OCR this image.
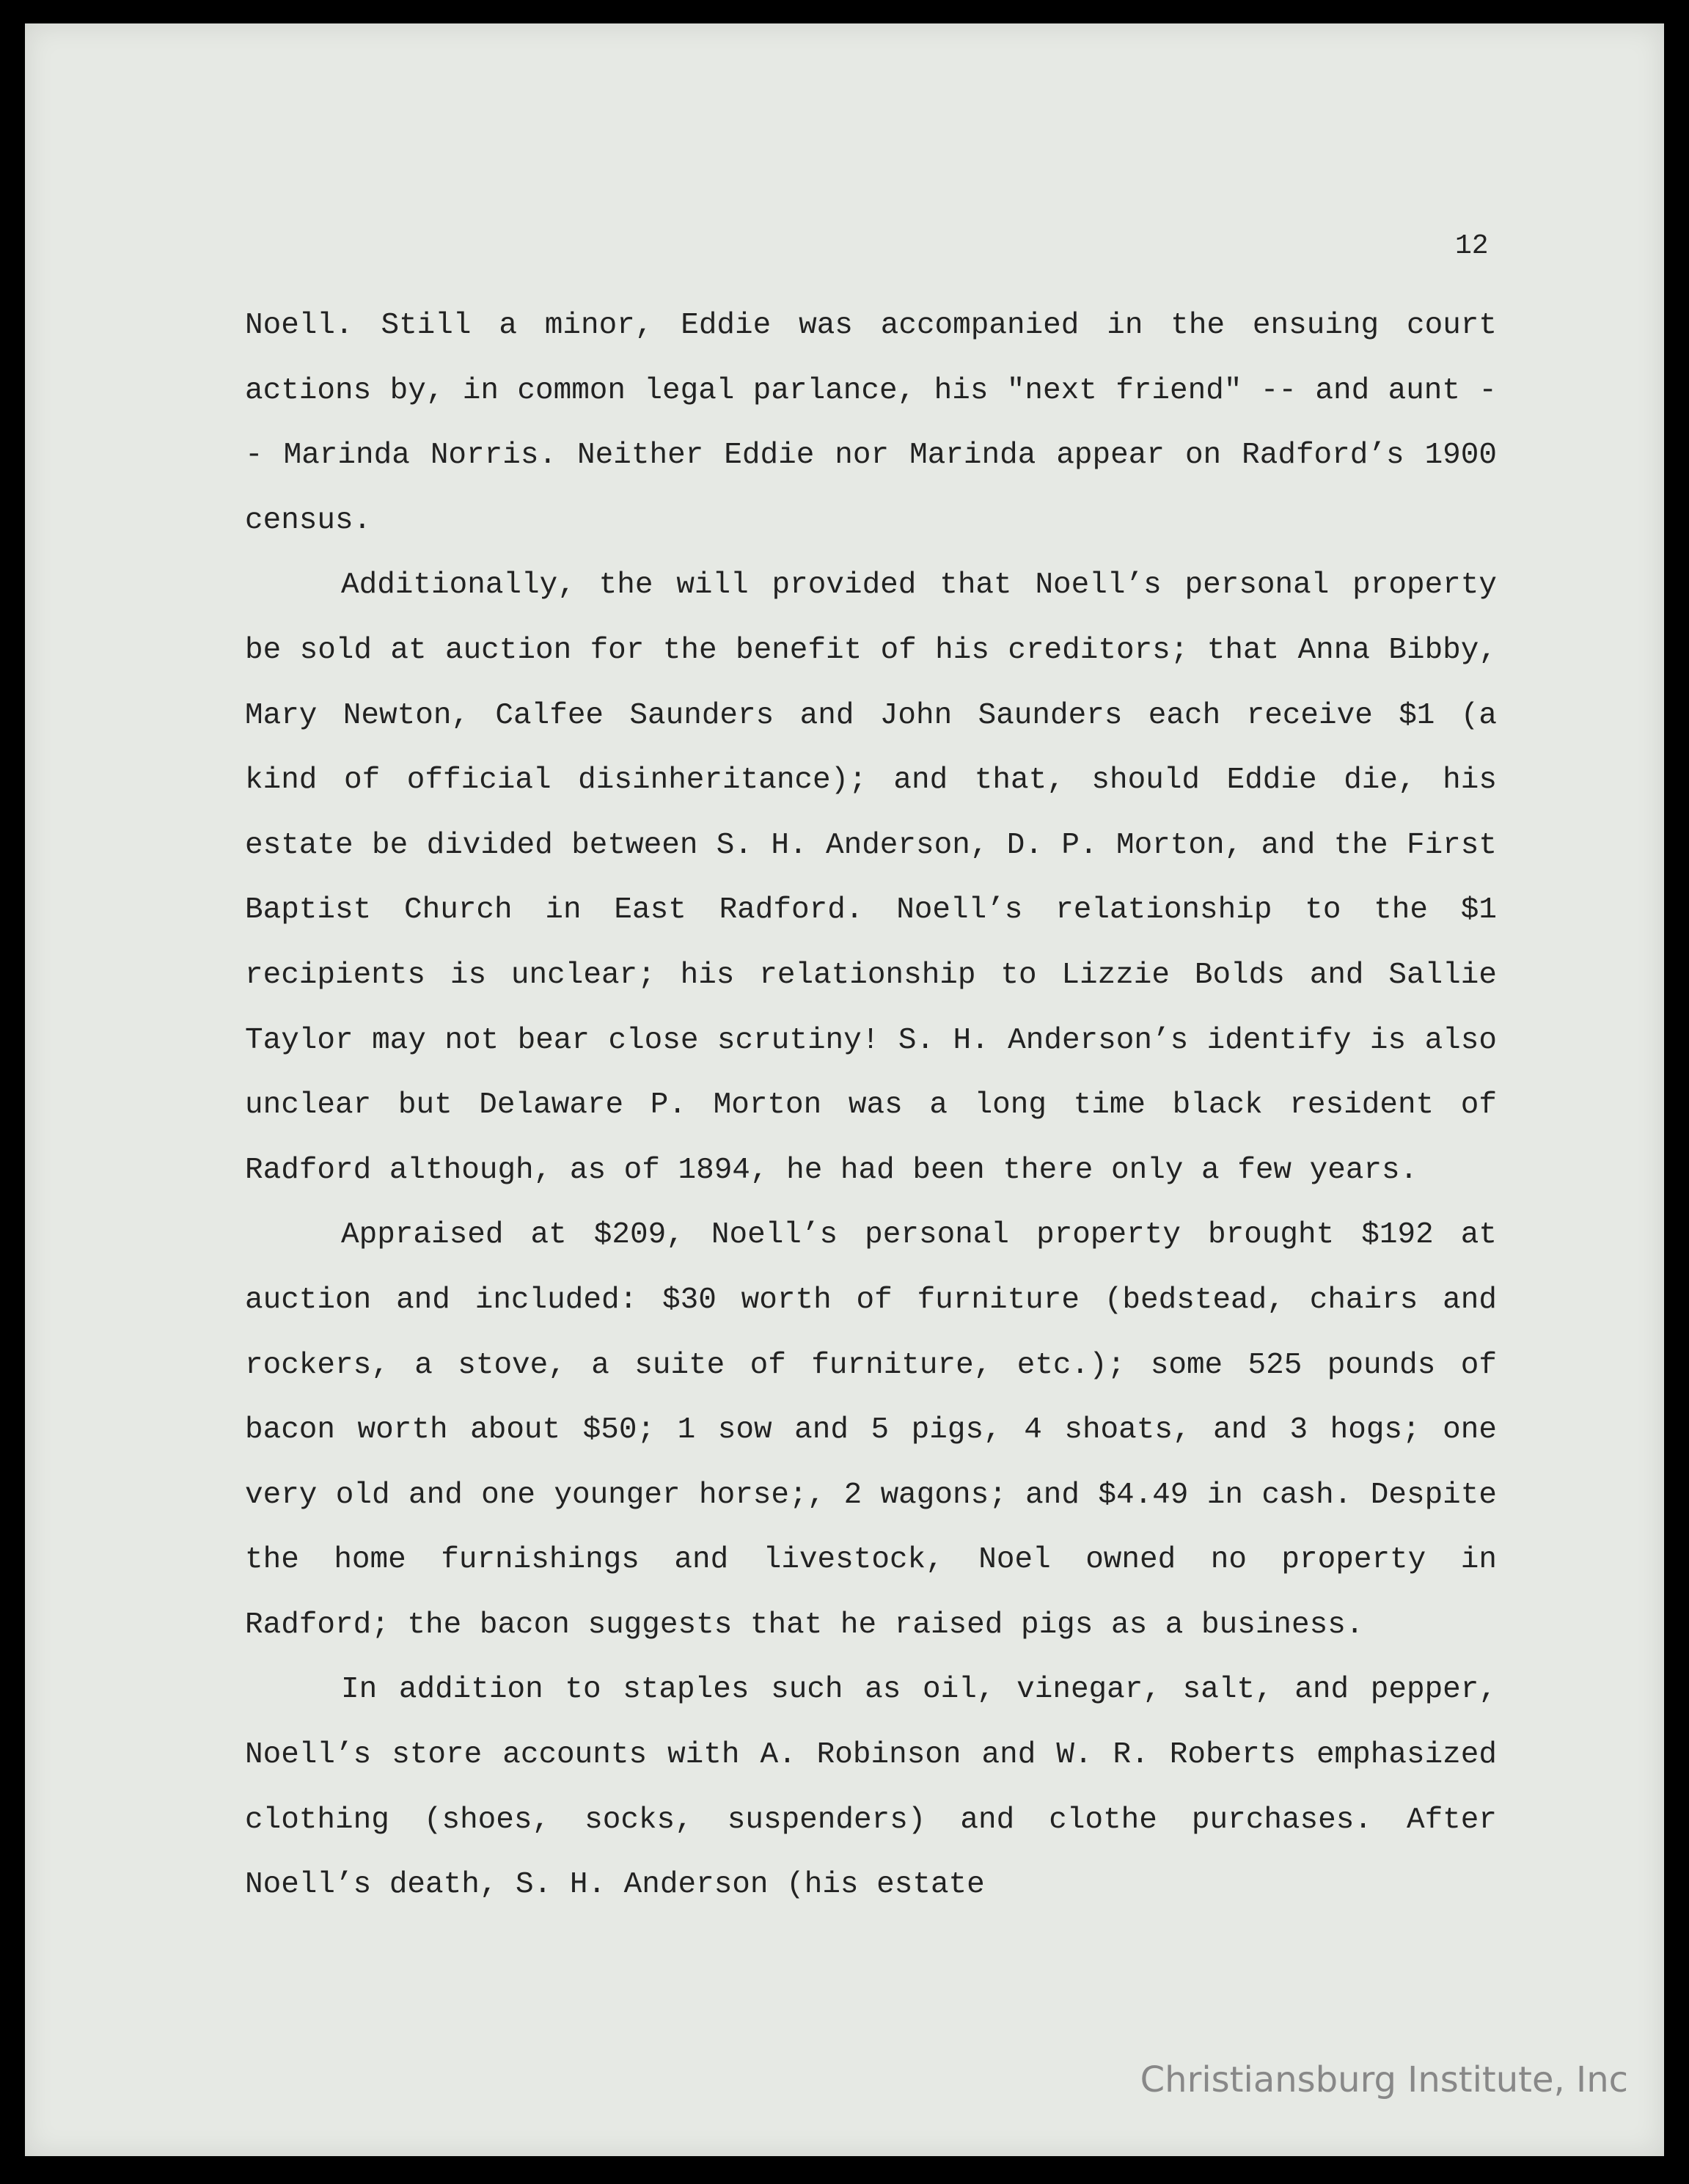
12

Noell. Still a minor, Eddie was accompanied in the ensuing court actions by, in common legal parlance, his "next friend" -- and aunt -- Marinda Norris. Neither Eddie nor Marinda appear on Radford’s 1900 census.

Additionally, the will provided that Noell’s personal property be sold at auction for the benefit of his creditors; that Anna Bibby, Mary Newton, Calfee Saunders and John Saunders each receive $1 (a kind of official disinheritance); and that, should Eddie die, his estate be divided between S. H. Anderson, D. P. Morton, and the First Baptist Church in East Radford. Noell’s relationship to the $1 recipients is unclear; his relationship to Lizzie Bolds and Sallie Taylor may not bear close scrutiny! S. H. Anderson’s identify is also unclear but Delaware P. Morton was a long time black resident of Radford although, as of 1894, he had been there only a few years.

Appraised at $209, Noell’s personal property brought $192 at auction and included: $30 worth of furniture (bedstead, chairs and rockers, a stove, a suite of furniture, etc.); some 525 pounds of bacon worth about $50; 1 sow and 5 pigs, 4 shoats, and 3 hogs; one very old and one younger horse;, 2 wagons; and $4.49 in cash. Despite the home furnishings and livestock, Noel owned no property in Radford; the bacon suggests that he raised pigs as a business.

In addition to staples such as oil, vinegar, salt, and pepper, Noell’s store accounts with A. Robinson and W. R. Roberts emphasized clothing (shoes, socks, suspenders) and clothe purchases. After Noell’s death, S. H. Anderson (his estate

Christiansburg Institute, Inc
